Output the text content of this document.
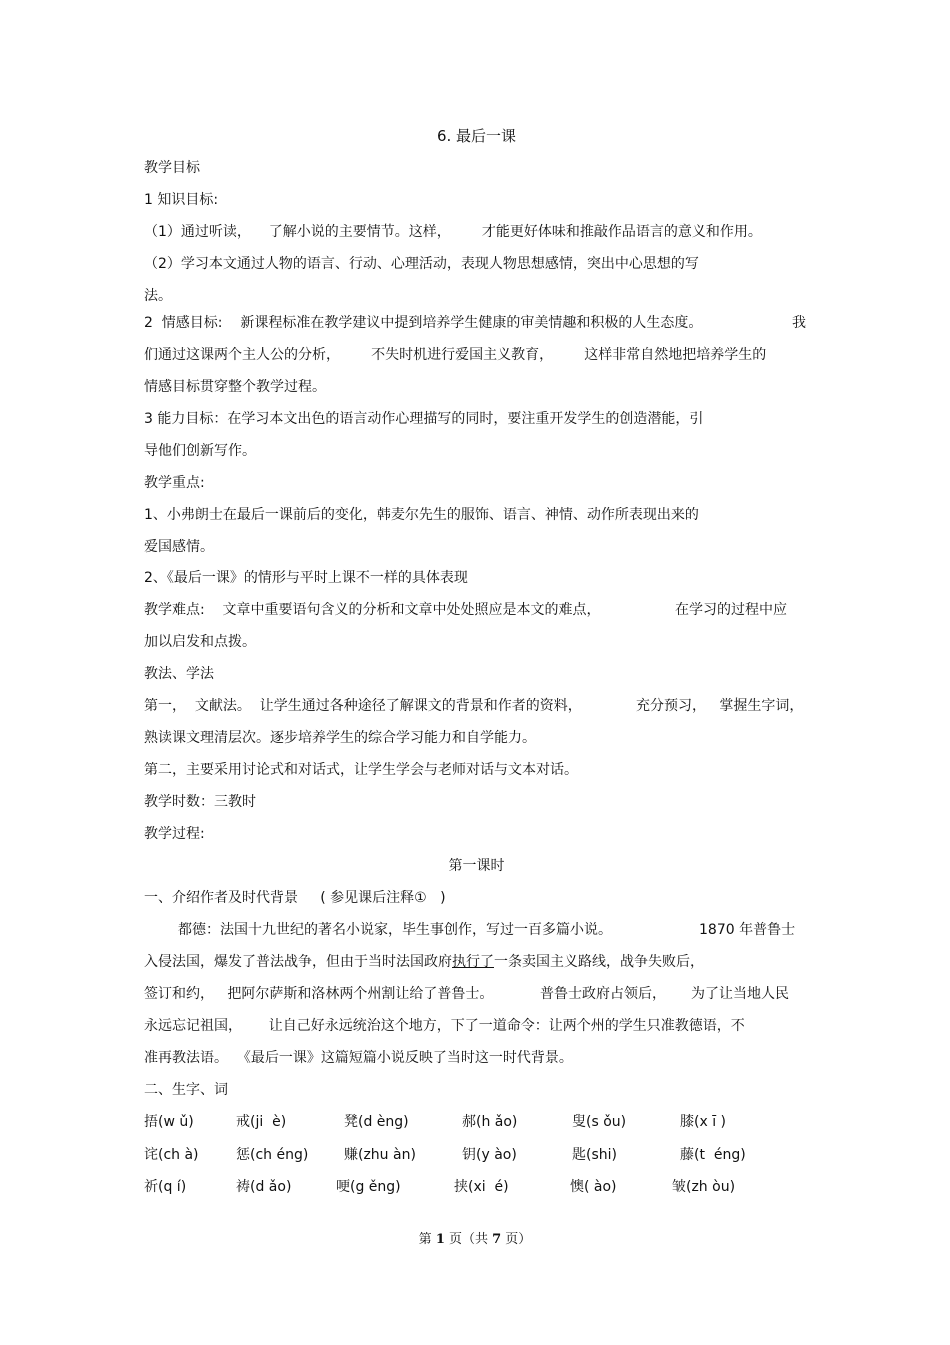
6. 最后一课
教学目标
1 知识目标:
（1）通过听读，    了解小说的主要情节。这样，       才能更好体味和推敲作品语言的意义和作用。
（2）学习本文通过人物的语言、行动、心理活动，表现人物思想感情，突出中心思想的写
法。
2  情感目标:    新课程标准在教学建议中提到培养学生健康的审美情趣和积极的人生态度。	我
们通过这课两个主人公的分析，       不失时机进行爱国主义教育，       这样非常自然地把培养学生的
情感目标贯穿整个教学过程。
3 能力目标：在学习本文出色的语言动作心理描写的同时，要注重开发学生的创造潜能，引
导他们创新写作。
教学重点:
1、小弗朗士在最后一课前后的变化，韩麦尔先生的服饰、语言、神情、动作所表现出来的
爱国感情。
2、《最后一课》的情形与平时上课不一样的具体表现
教学难点:    文章中重要语句含义的分析和文章中处处照应是本文的难点，	在学习的过程中应
加以启发和点拨。
教法、学法
第一，  文献法。  让学生通过各种途径了解课文的背景和作者的资料，	充分预习，   掌握生字词，
熟读课文理清层次。逐步培养学生的综合学习能力和自学能力。
第二，主要采用讨论式和对话式，让学生学会与老师对话与文本对话。
教学时数：三教时
教学过程:
第一课时
一、介绍作者及时代背景     ( 参见课后注释①   )
都德：法国十九世纪的著名小说家，毕生事创作，写过一百多篇小说。	1870 年普鲁士
入侵法国，爆发了普法战争，但由于当时法国政府执行了一条卖国主义路线，战争失败后，
签订和约，   把阿尔萨斯和洛林两个州割让给了普鲁士。	普鲁士政府占领后， 为了让当地人民
永远忘记祖国，      让自己好永远统治这个地方，下了一道命令：让两个州的学生只准教德语，不
准再教法语。  《最后一课》这篇短篇小说反映了当时这一时代背景。
二、生字、词
捂(w ǔ)	戒(ji  è)	凳(d èng)	郝(h ǎo)	叟(s ǒu)	膝(x ī )
诧(ch à)	惩(ch éng)	赚(zhu àn)	钥(y ào)	匙(shi)	藤(t  éng)
祈(q í)	祷(d ǎo)	哽(g ěng)	挟(xi  é)	懊( ào)	皱(zh òu)
第 1 页（共 7 页）
